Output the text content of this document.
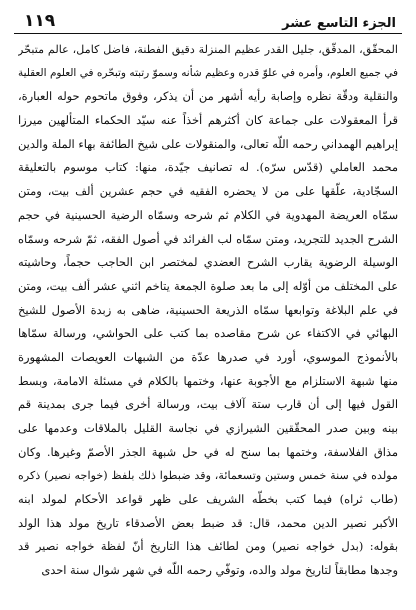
١١٩	الجزء التاسع عشر
المحقّق، المدقّق، جليل القدر عظيم المنزلة دقيق الفطنة، فاضل كامل، عالم متبحّر
في جميع العلوم، وأمره في علوّ قدره وعظيم شأنه وسموّ رتبته وتبحّره في العلوم العقلية
والنقلية ودقّة نظره وإصابة رأيه أشهر من أن يذكر، وفوق ماتحوم حوله العبارة،
قرأ المعقولات على جماعة كان أكثرهم أخذاً عنه سيّد الحكماء المتألهين ميرزا
إبراهيم الهمداني رحمه اللّه تعالى، والمنقولات على شيخ الطائفة بهاء الملة والدين
محمد العاملي (قدّس سرّه). له تصانيف جيّدة، منها: كتاب موسوم بالتعليقة
السجّادية، علّقها على من لا يحضره الفقيه في حجم عشرين ألف بيت، ومتن
سمّاه العريضة المهدوية في الكلام ثم شرحه وسمّاه الرضية الحسينية في حجم
الشرح الجديد للتجريد، ومتن سمّاه لب الفرائد في أصول الفقه، ثمّ شرحه وسمّاه
الوسيلة الرضوية يقارب الشرح العضدي لمختصر ابن الحاجب حجماً، وحاشيته
على المختلف من أوّله إلى ما بعد صلوة الجمعة يتاخم اثني عشر ألف بيت، ومتن
في علم البلاغة وتوابعها سمّاه الذريعة الحسينية، ضاهى به زبدة الأصول للشيخ
البهائي في الاكتفاء عن شرح مقاصده بما كتب على الحواشي، ورسالة سمّاها
بالأنموذج الموسوي، أورد في صدرها عدّة من الشبهات العويصات المشهورة
منها شبهة الاستلزام مع الأجوبة عنها، وختمها بالكلام في مسئلة الامامة، وبسط
القول فيها إلى أن قارب ستة آلاف بيت، ورسالة أخرى فيما جرى بمدينة قم
بينه وبين صدر المحقّقين الشيرازي في نجاسة القليل بالملاقات وعدمها على
مذاق الفلاسفة، وختمها بما سنح له في حل شبهة الجذر الأصمّ وغيرها. وكان
مولده في سنة خمس وستين وتسعمائة، وقد ضبطوا ذلك بلفظ (خواجه نصير) ذكره
(طاب ثراه) فيما كتب بخطّه الشريف على ظهر قواعد الأحكام لمولد ابنه
الأكبر نصير الدين محمد، قال: قد ضبط بعض الأصدقاء تاريخ مولد هذا الولد
بقوله: (بدل خواجه نصير) ومن لطائف هذا التاريخ أنّ لفظة خواجه نصير قد
وجدها مطابقاً لتاريخ مولد والده، وتوفّي رحمه اللّه في شهر شوال سنة احدى
